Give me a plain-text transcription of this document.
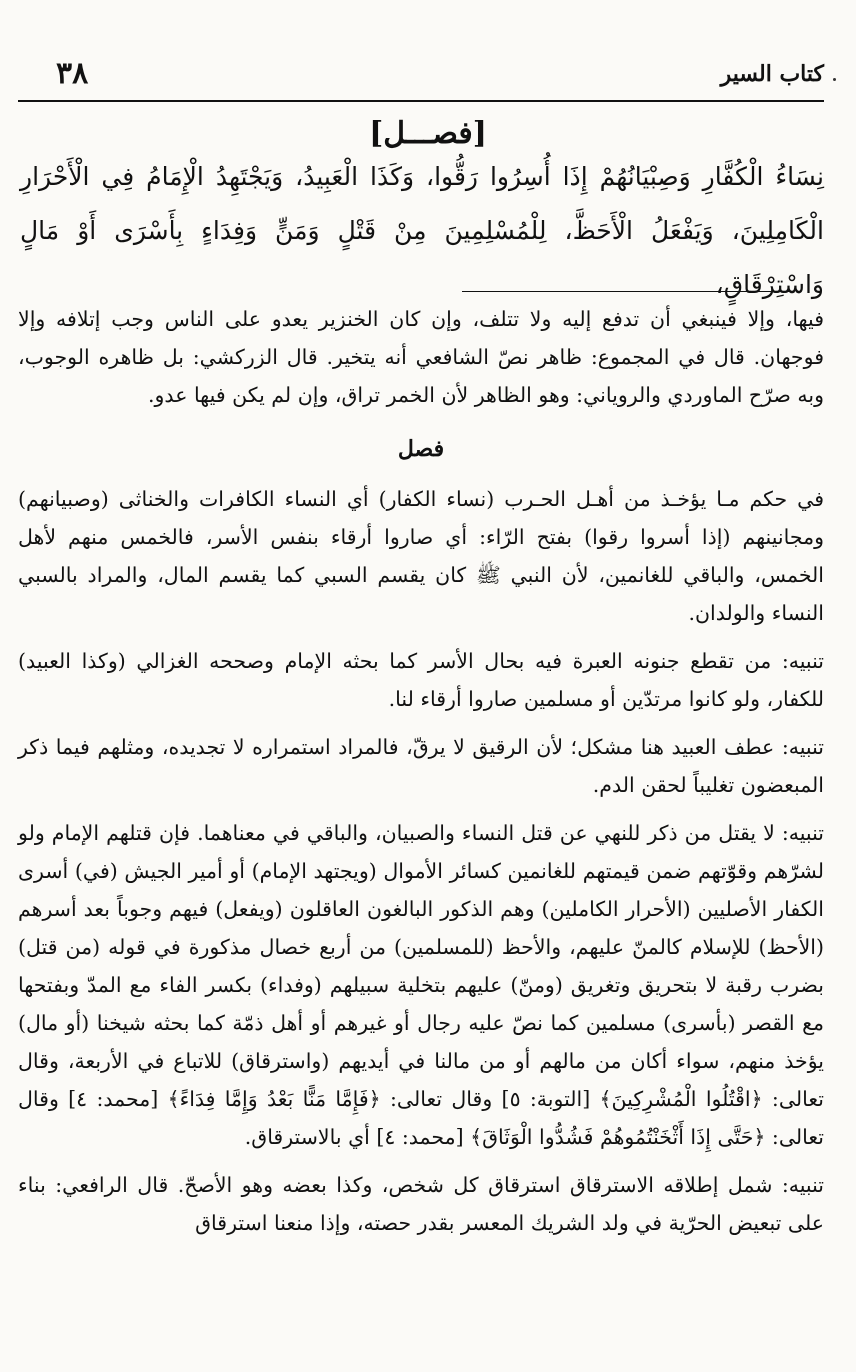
٣٨	كتاب السير
[فصـــل]
نِسَاءُ الْكُفَّارِ وَصِبْيَانُهُمْ إِذَا أُسِرُوا رَقُّوا، وَكَذَا الْعَبِيدُ، وَيَجْتَهِدُ الْإِمَامُ فِي الْأَحْرَارِ الْكَامِلِينَ، وَيَفْعَلُ الْأَحَظَّ، لِلْمُسْلِمِينَ مِنْ قَتْلٍ وَمَنٍّ وَفِدَاءٍ بِأَسْرَى أَوْ مَالٍ وَاسْتِرْقَاقٍ،

فيها، وإلا فينبغي أن تدفع إليه ولا تتلف، وإن كان الخنزير يعدو على الناس وجب إتلافه وإلا فوجهان. قال في المجموع: ظاهر نصّ الشافعي أنه يتخير. قال الزركشي: بل ظاهره الوجوب، وبه صرّح الماوردي والروياني: وهو الظاهر لأن الخمر تراق، وإن لم يكن فيها عدو.

فصل

في حكم مـا يؤخـذ من أهـل الحـرب (نساء الكفار) أي النساء الكافرات والخناثى (وصبيانهم) ومجانينهم (إذا أسروا رقوا) بفتح الرّاء: أي صاروا أرقاء بنفس الأسر، فالخمس منهم لأهل الخمس، والباقي للغانمين، لأن النبي ﷺ كان يقسم السبي كما يقسم المال، والمراد بالسبي النساء والولدان.

تنبيه: من تقطع جنونه العبرة فيه بحال الأسر كما بحثه الإمام وصححه الغزالي (وكذا العبيد) للكفار، ولو كانوا مرتدّين أو مسلمين صاروا أرقاء لنا.

تنبيه: عطف العبيد هنا مشكل؛ لأن الرقيق لا يرقّ، فالمراد استمراره لا تجديده، ومثلهم فيما ذكر المبعضون تغليباً لحقن الدم.

تنبيه: لا يقتل من ذكر للنهي عن قتل النساء والصبيان، والباقي في معناهما. فإن قتلهم الإمام ولو لشرّهم وقوّتهم ضمن قيمتهم للغانمين كسائر الأموال (ويجتهد الإمام) أو أمير الجيش (في) أسرى الكفار الأصليين (الأحرار الكاملين) وهم الذكور البالغون العاقلون (ويفعل) فيهم وجوباً بعد أسرهم (الأحظ) للإسلام كالمنّ عليهم، والأحظ (للمسلمين) من أربع خصال مذكورة في قوله (من قتل) بضرب رقبة لا بتحريق وتغريق (ومنّ) عليهم بتخلية سبيلهم (وفداء) بكسر الفاء مع المدّ وبفتحها مع القصر (بأسرى) مسلمين كما نصّ عليه رجال أو غيرهم أو أهل ذمّة كما بحثه شيخنا (أو مال) يؤخذ منهم، سواء أكان من مالهم أو من مالنا في أيديهم (واسترقاق) للاتباع في الأربعة، وقال تعالى: ﴿اقْتُلُوا الْمُشْرِكِينَ﴾ [التوبة: ٥] وقال تعالى: ﴿فَإِمَّا مَنًّا بَعْدُ وَإِمَّا فِدَاءً﴾ [محمد: ٤] وقال تعالى: ﴿حَتَّى إِذَا أَثْخَنْتُمُوهُمْ فَشُدُّوا الْوَثَاقَ﴾ [محمد: ٤] أي بالاسترقاق.

تنبيه: شمل إطلاقه الاسترقاق استرقاق كل شخص، وكذا بعضه وهو الأصحّ. قال الرافعي: بناء على تبعيض الحرّية في ولد الشريك المعسر بقدر حصته، وإذا منعنا استرقاق
